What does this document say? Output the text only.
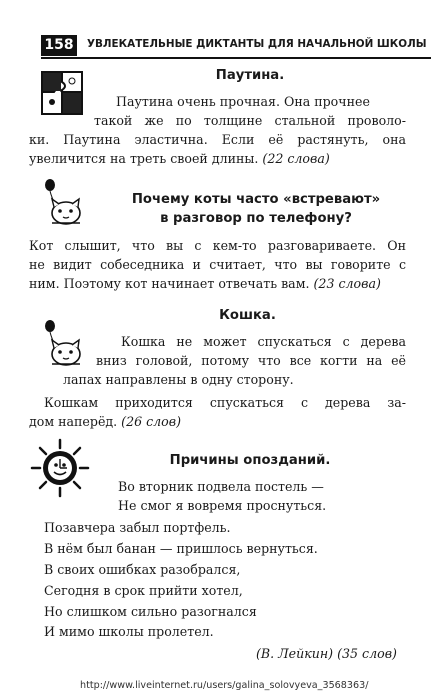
158	УВЛЕКАТЕЛЬНЫЕ ДИКТАНТЫ ДЛЯ НАЧАЛЬНОЙ ШКОЛЫ
Паутина.
Паутина очень прочная. Она прочнее
такой же по толщине стальной проволо-
ки. Паутина эластична. Если её растянуть, она
увеличится на треть своей длины. (22 слова)
Почему коты часто «встревают»
в разговор по телефону?
Кот слышит, что вы с кем-то разговариваете. Он
не видит собеседника и считает, что вы говорите с
ним. Поэтому кот начинает отвечать вам. (23 слова)
Кошка.
Кошка не может спускаться с дерева
вниз головой, потому что все когти на её
лапах направлены в одну сторону.
Кошкам приходится спускаться с дерева за-
дом наперёд. (26 слов)
Причины опозданий.
Во вторник подвела постель —
Не смог я вовремя проснуться.
Позавчера забыл портфель.
В нём был банан — пришлось вернуться.
В своих ошибках разобрался,
Сегодня в срок прийти хотел,
Но слишком сильно разогнался
И мимо школы пролетел.
(В. Лейкин) (35 слов)
http://www.liveinternet.ru/users/galina_solovyeva_3568363/
